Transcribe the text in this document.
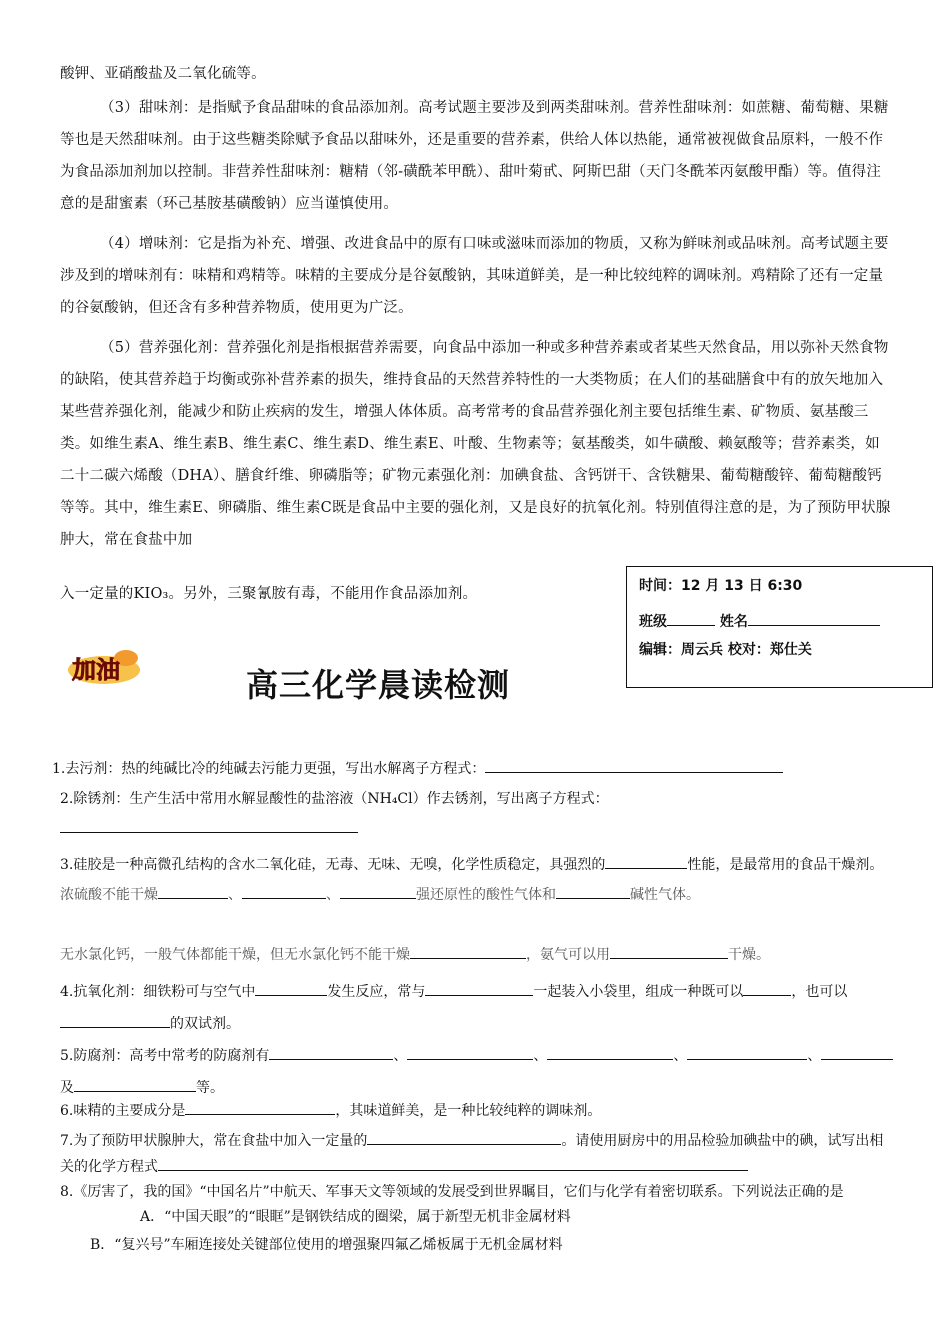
酸钾、亚硝酸盐及二氧化硫等。
（3）甜味剂：是指赋予食品甜味的食品添加剂。高考试题主要涉及到两类甜味剂。营养性甜味剂：如蔗糖、葡萄糖、果糖等也是天然甜味剂。由于这些糖类除赋予食品以甜味外，还是重要的营养素，供给人体以热能，通常被视做食品原料，一般不作为食品添加剂加以控制。非营养性甜味剂：糖精（邻-磺酰苯甲酰）、甜叶菊甙、阿斯巴甜（天门冬酰苯丙氨酸甲酯）等。值得注意的是甜蜜素（环己基胺基磺酸钠）应当谨慎使用。
（4）增味剂：它是指为补充、增强、改进食品中的原有口味或滋味而添加的物质，又称为鲜味剂或品味剂。高考试题主要涉及到的增味剂有：味精和鸡精等。味精的主要成分是谷氨酸钠，其味道鲜美，是一种比较纯粹的调味剂。鸡精除了还有一定量的谷氨酸钠，但还含有多种营养物质，使用更为广泛。
（5）营养强化剂：营养强化剂是指根据营养需要，向食品中添加一种或多种营养素或者某些天然食品，用以弥补天然食物的缺陷，使其营养趋于均衡或弥补营养素的损失，维持食品的天然营养特性的一大类物质；在人们的基础膳食中有的放矢地加入某些营养强化剂，能减少和防止疾病的发生，增强人体体质。高考常考的食品营养强化剂主要包括维生素、矿物质、氨基酸三类。如维生素A、维生素B、维生素C、维生素D、维生素E、叶酸、生物素等；氨基酸类，如牛磺酸、赖氨酸等；营养素类，如二十二碳六烯酸（DHA）、膳食纤维、卵磷脂等；矿物元素强化剂：加碘食盐、含钙饼干、含铁糖果、葡萄糖酸锌、葡萄糖酸钙等等。其中，维生素E、卵磷脂、维生素C既是食品中主要的强化剂，又是良好的抗氧化剂。特别值得注意的是，为了预防甲状腺肿大，常在食盐中加
入一定量的KIO₃。另外，三聚氰胺有毒，不能用作食品添加剂。	时间：12 月 13 日 6:30
班级	姓名
编辑：周云兵 校对：郑仕关
加油	高三化学晨读检测
1.去污剂：热的纯碱比冷的纯碱去污能力更强，写出水解离子方程式：
2.除锈剂：生产生活中常用水解显酸性的盐溶液（NH₄Cl）作去锈剂，写出离子方程式：
3.硅胶是一种高微孔结构的含水二氧化硅，无毒、无味、无嗅，化学性质稳定，具强烈的	性能，是最常用的食品干燥剂。浓硫酸不能干燥	、	、	强还原性的酸性气体和	碱性气体。
无水氯化钙，一般气体都能干燥，但无水氯化钙不能干燥	，氨气可以用	干燥。
4.抗氧化剂：细铁粉可与空气中	发生反应，常与	一起装入小袋里，组成一种既可以	，也可以的双试剂。
5.防腐剂：高考中常考的防腐剂有	、	、	、	、及	等。
6.味精的主要成分是	，其味道鲜美，是一种比较纯粹的调味剂。
7.为了预防甲状腺肿大，常在食盐中加入一定量的	。请使用厨房中的用品检验加碘盐中的碘，试写出相关的化学方程式
8.《厉害了，我的国》“中国名片”中航天、军事天文等领域的发展受到世界瞩目，它们与化学有着密切联系。下列说法正确的是A．“中国天眼”的“眼眶”是钢铁结成的圈梁，属于新型无机非金属材料
B．“复兴号”车厢连接处关键部位使用的增强聚四氟乙烯板属于无机金属材料
